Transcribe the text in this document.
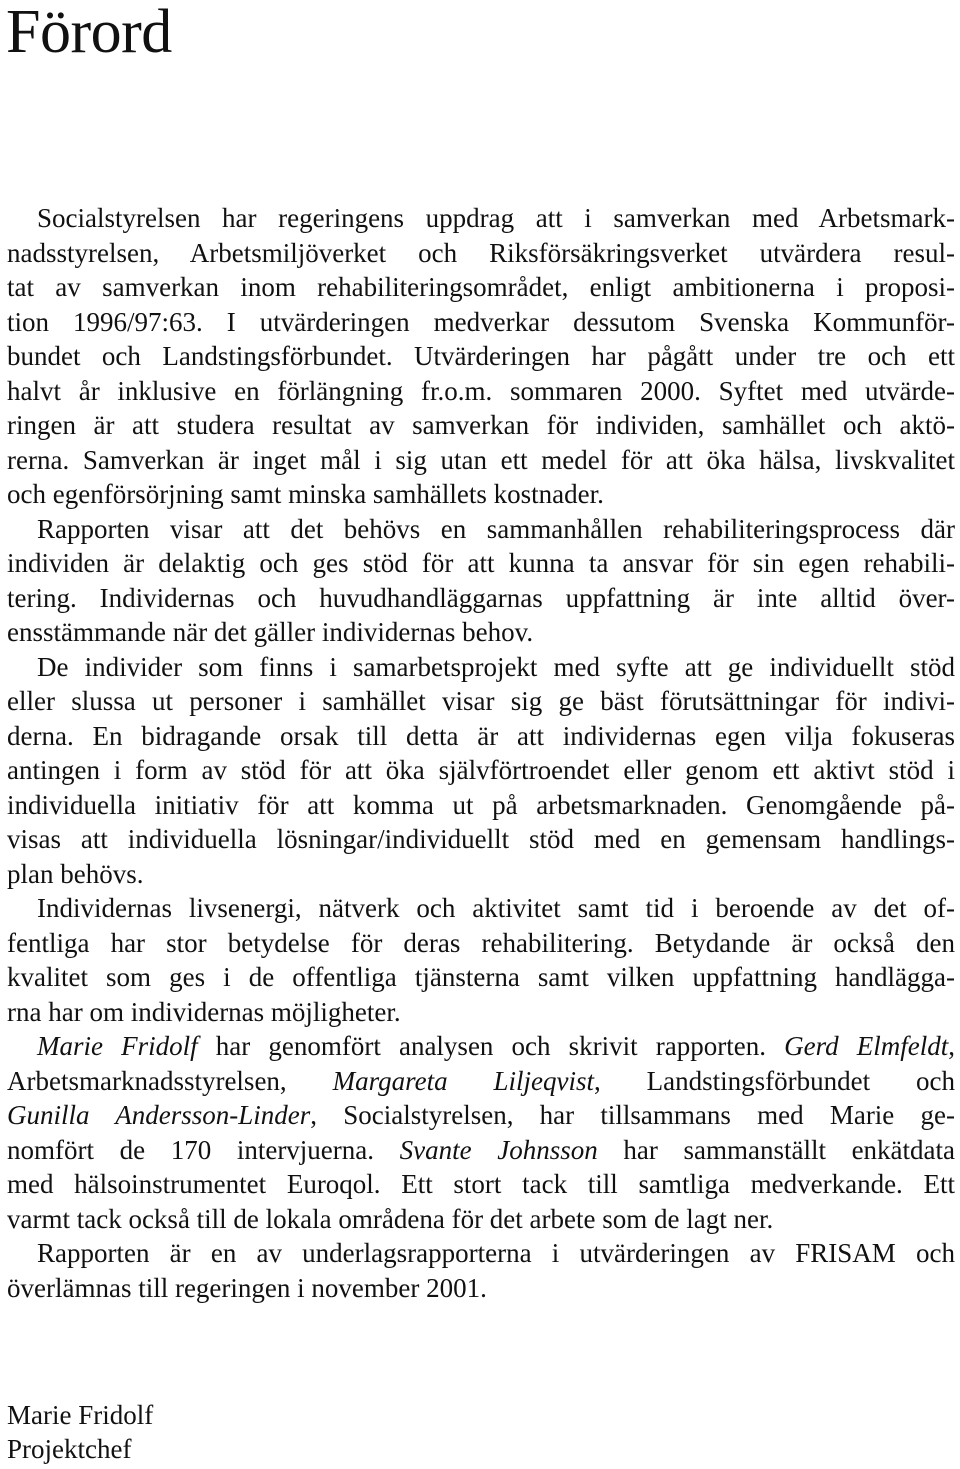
Förord
Socialstyrelsen har regeringens uppdrag att i samverkan med Arbetsmark-
nadsstyrelsen, Arbetsmiljöverket och Riksförsäkringsverket utvärdera resul-
tat av samverkan inom rehabiliteringsområdet, enligt ambitionerna i proposi-
tion 1996/97:63. I utvärderingen medverkar dessutom Svenska Kommunför-
bundet och Landstingsförbundet. Utvärderingen har pågått under tre och ett
halvt år inklusive en förlängning fr.o.m. sommaren 2000. Syftet med utvärde-
ringen är att studera resultat av samverkan för individen, samhället och aktö-
rerna. Samverkan är inget mål i sig utan ett medel för att öka hälsa, livskvalitet
och egenförsörjning samt minska samhällets kostnader.
Rapporten visar att det behövs en sammanhållen rehabiliteringsprocess där
individen är delaktig och ges stöd för att kunna ta ansvar för sin egen rehabili-
tering. Individernas och huvudhandläggarnas uppfattning är inte alltid över-
ensstämmande när det gäller individernas behov.
De individer som finns i samarbetsprojekt med syfte att ge individuellt stöd
eller slussa ut personer i samhället visar sig ge bäst förutsättningar för indivi-
derna. En bidragande orsak till detta är att individernas egen vilja fokuseras
antingen i form av stöd för att öka självförtroendet eller genom ett aktivt stöd i
individuella initiativ för att komma ut på arbetsmarknaden. Genomgående på-
visas att individuella lösningar/individuellt stöd med en gemensam handlings-
plan behövs.
Individernas livsenergi, nätverk och aktivitet samt tid i beroende av det of-
fentliga har stor betydelse för deras rehabilitering. Betydande är också den
kvalitet som ges i de offentliga tjänsterna samt vilken uppfattning handlägga-
rna har om individernas möjligheter.
Marie Fridolf har genomfört analysen och skrivit rapporten. Gerd Elmfeldt,
Arbetsmarknadsstyrelsen, Margareta Liljeqvist, Landstingsförbundet och
Gunilla Andersson-Linder, Socialstyrelsen, har tillsammans med Marie ge-
nomfört de 170 intervjuerna. Svante Johnsson har sammanställt enkätdata
med hälsoinstrumentet Euroqol. Ett stort tack till samtliga medverkande. Ett
varmt tack också till de lokala områdena för det arbete som de lagt ner.
Rapporten är en av underlagsrapporterna i utvärderingen av FRISAM och
överlämnas till regeringen i november 2001.
Marie Fridolf
Projektchef
